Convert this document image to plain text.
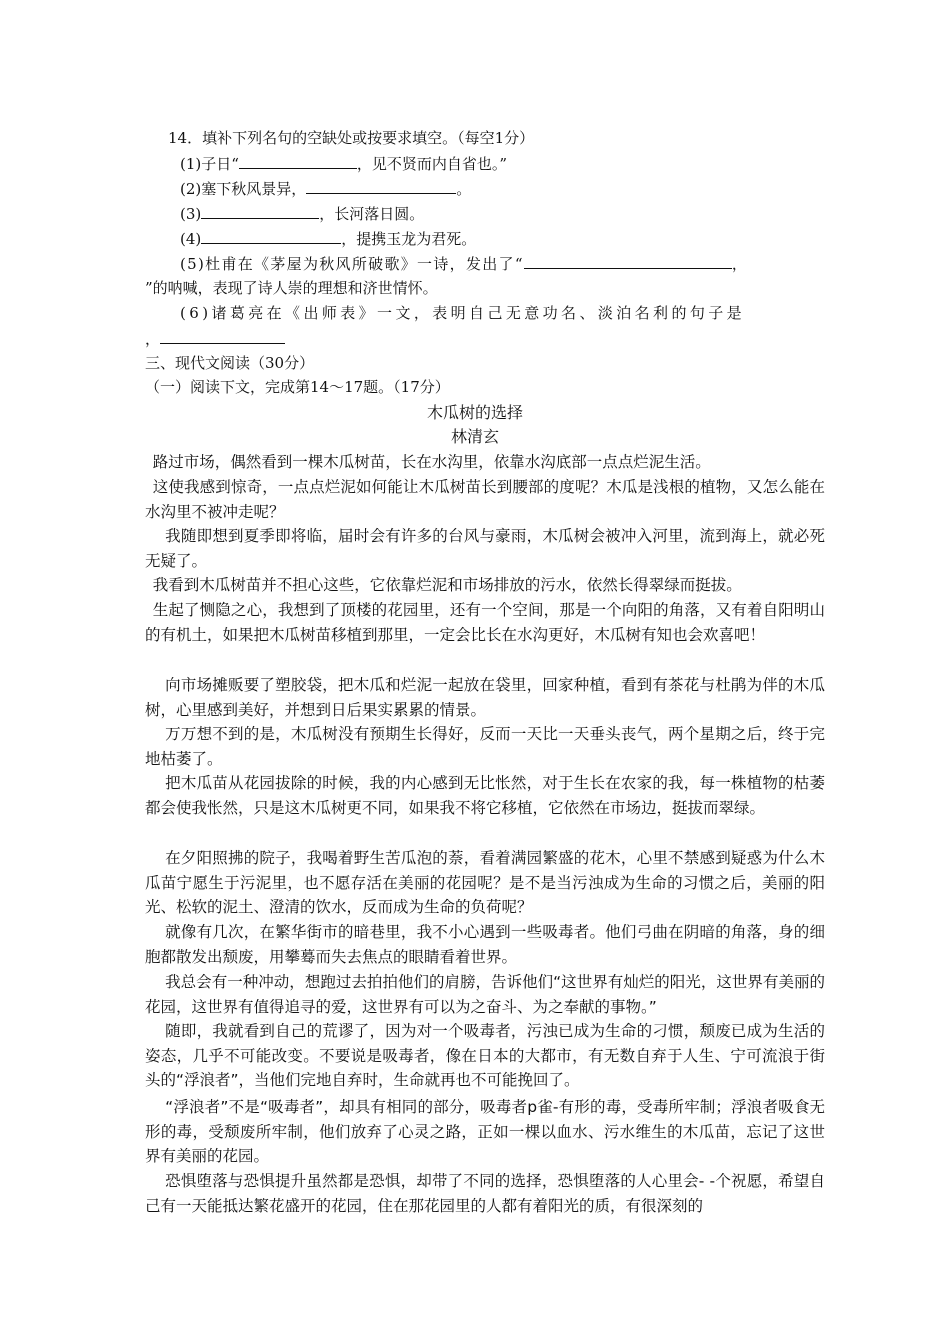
14．填补下列名句的空缺处或按要求填空。（每空1分）
(1)子日“	，见不贤而内自省也。”
(2)塞下秋风景异，	。
(3)	，长河落日圆。
(4)	，提携玉龙为君死。
(5)杜甫在《茅屋为秋风所破歌》一诗，发出了“	，
”的呐喊，表现了诗人崇的理想和济世情怀。
(6)诸葛亮在《出师表》一文，表明自己无意功名、淡泊名利的句子是
，
三、现代文阅读（30分）
（一）阅读下文，完成第14～17题。（17分）
木瓜树的选择
林清玄

路过市场，偶然看到一棵木瓜树苗，长在水沟里，依靠水沟底部一点点烂泥生活。

这使我感到惊奇，一点点烂泥如何能让木瓜树苗长到腰部的度呢？木瓜是浅根的植物，又怎么能在水沟里不被冲走呢？

我随即想到夏季即将临，届时会有许多的台风与豪雨，木瓜树会被冲入河里，流到海上，就必死无疑了。

我看到木瓜树苗并不担心这些，它依靠烂泥和市场排放的污水，依然长得翠绿而挺拔。

生起了恻隐之心，我想到了顶楼的花园里，还有一个空间，那是一个向阳的角落，又有着自阳明山的有机土，如果把木瓜树苗移植到那里，一定会比长在水沟更好，木瓜树有知也会欢喜吧！

向市场摊贩要了塑胶袋，把木瓜和烂泥一起放在袋里，回家种植，看到有茶花与杜鹃为伴的木瓜树，心里感到美好，并想到日后果实累累的情景。

万万想不到的是，木瓜树没有预期生长得好，反而一天比一天垂头丧气，两个星期之后，终于完地枯萎了。

把木瓜苗从花园拔除的时候，我的内心感到无比怅然，对于生长在农家的我，每一株植物的枯萎都会使我怅然，只是这木瓜树更不同，如果我不将它移植，它依然在市场边，挺拔而翠绿。

在夕阳照拂的院子，我喝着野生苦瓜泡的萘，看着满园繁盛的花木，心里不禁感到疑惑为什么木瓜苗宁愿生于污泥里，也不愿存活在美丽的花园呢？是不是当污浊成为生命的习惯之后，美丽的阳光、松软的泥土、澄清的饮水，反而成为生命的负荷呢？

就像有几次，在繁华街市的暗巷里，我不小心遇到一些吸毒者。他们弓曲在阴暗的角落，身的细胞都散发出颓废，用攀蓦而失去焦点的眼睛看着世界。

我总会有一种冲动，想跑过去拍拍他们的肩膀，告诉他们“这世界有灿烂的阳光，这世界有美丽的花园，这世界有值得追寻的爱，这世界有可以为之奋斗、为之奉献的事物。”

随即，我就看到自己的荒谬了，因为对一个吸毒者，污浊已成为生命的刁惯，颓废已成为生活的姿态，几乎不可能改变。不要说是吸毒者，像在日本的大都市，有无数自弃于人生、宁可流浪于街头的“浮浪者”，当他们完地自弃时，生命就再也不可能挽回了。

“浮浪者”不是“吸毒者”，却具有相同的部分，吸毒者p雀-有形的毒，受毒所牢制；浮浪者吸食无形的毒，受颓废所牢制，他们放弃了心灵之路，正如一棵以血水、污水维生的木瓜苗，忘记了这世界有美丽的花园。

恐惧堕落与恐惧提升虽然都是恐惧，却带了不同的选择，恐惧堕落的人心里会- -个祝愿，希望自己有一天能抵达繁花盛开的花园，住在那花园里的人都有着阳光的质，有很深刻的
